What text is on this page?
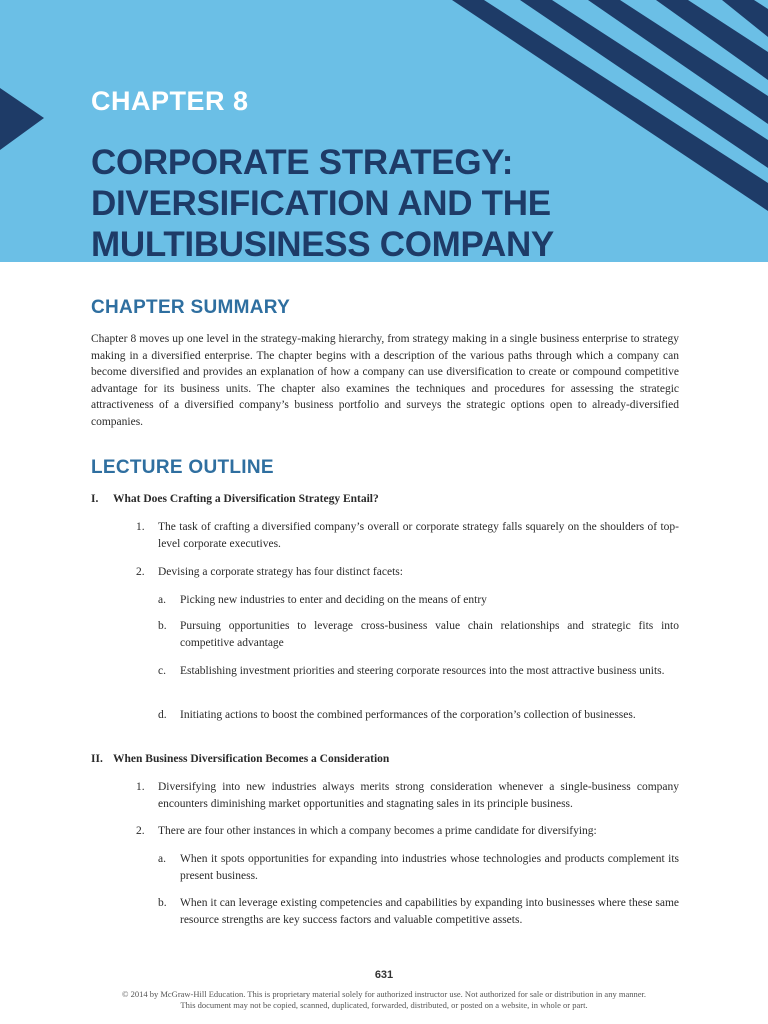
CHAPTER 8
CORPORATE STRATEGY:
DIVERSIFICATION AND THE
MULTIBUSINESS COMPANY
CHAPTER SUMMARY

Chapter 8 moves up one level in the strategy-making hierarchy, from strategy making in a single business enterprise to strategy making in a diversified enterprise. The chapter begins with a description of the various paths through which a company can become diversified and provides an explanation of how a company can use diversification to create or compound competitive advantage for its business units. The chapter also examines the techniques and procedures for assessing the strategic attractiveness of a diversified company’s business portfolio and surveys the strategic options open to already-diversified companies.

LECTURE OUTLINE
I. What Does Crafting a Diversification Strategy Entail?
1. The task of crafting a diversified company’s overall or corporate strategy falls squarely on the shoulders of top-level corporate executives.
2. Devising a corporate strategy has four distinct facets:
a. Picking new industries to enter and deciding on the means of entry
b. Pursuing opportunities to leverage cross-business value chain relationships and strategic fits into competitive advantage
c. Establishing investment priorities and steering corporate resources into the most attractive business units.
d. Initiating actions to boost the combined performances of the corporation’s collection of businesses.
II. When Business Diversification Becomes a Consideration
1. Diversifying into new industries always merits strong consideration whenever a single-business company encounters diminishing market opportunities and stagnating sales in its principle business.
2. There are four other instances in which a company becomes a prime candidate for diversifying:
a. When it spots opportunities for expanding into industries whose technologies and products complement its present business.
b. When it can leverage existing competencies and capabilities by expanding into businesses where these same resource strengths are key success factors and valuable competitive assets.
631
© 2014 by McGraw-Hill Education. This is proprietary material solely for authorized instructor use. Not authorized for sale or distribution in any manner.
This document may not be copied, scanned, duplicated, forwarded, distributed, or posted on a website, in whole or part.
